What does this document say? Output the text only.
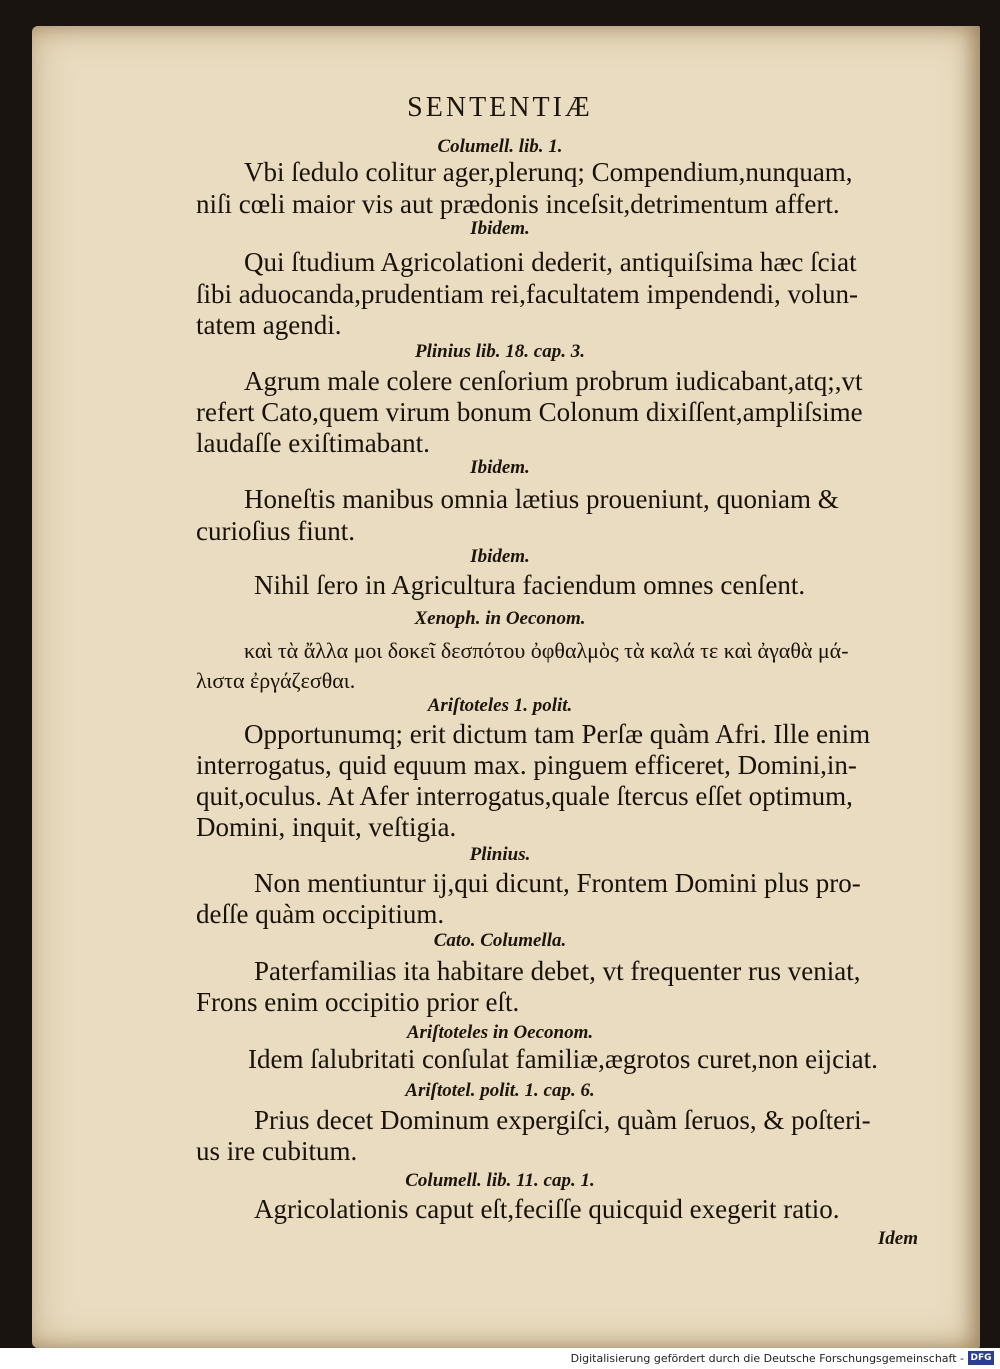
SENTENTIÆ
Columell. lib. 1.
Vbi ſedulo colitur ager,plerunq; Compendium,nunquam,
niſi cœli maior vis aut prædonis inceſsit,detrimentum affert.
Ibidem.
Qui ſtudium Agricolationi dederit, antiquiſsima hæc ſciat
ſibi aduocanda,prudentiam rei,facultatem impendendi, volun-
tatem agendi.
Plinius lib. 18. cap. 3.
Agrum male colere cenſorium probrum iudicabant,atq;,vt
refert Cato,quem virum bonum Colonum dixiſſent,ampliſsime
laudaſſe exiſtimabant.
Ibidem.
Honeſtis manibus omnia lætius proueniunt, quoniam &
curioſius fiunt.
Ibidem.
Nihil ſero in Agricultura faciendum omnes cenſent.
Xenoph. in Oeconom.
καὶ τὰ ἄλλα μοι δοκεῖ δεσπότου ὀφθαλμὸς τὰ καλά τε καὶ ἀγαθὰ μά-
λιστα ἐργάζεσθαι.
Ariſtoteles 1. polit.
Opportunumq; erit dictum tam Perſæ quàm Afri. Ille enim
interrogatus, quid equum max. pinguem efficeret, Domini,in-
quit,oculus. At Afer interrogatus,quale ſtercus eſſet optimum,
Domini, inquit, veſtigia.
Plinius.
Non mentiuntur ij,qui dicunt, Frontem Domini plus pro-
deſſe quàm occipitium.
Cato. Columella.
Paterfamilias ita habitare debet, vt frequenter rus veniat,
Frons enim occipitio prior eſt.
Ariſtoteles in Oeconom.
Idem ſalubritati conſulat familiæ,ægrotos curet,non eijciat.
Ariſtotel. polit. 1. cap. 6.
Prius decet Dominum expergiſci, quàm ſeruos, & poſteri-
us ire cubitum.
Columell. lib. 11. cap. 1.
Agricolationis caput eſt,feciſſe quicquid exegerit ratio.
Idem
Digitalisierung gefördert durch die Deutsche Forschungsgemeinschaft - DFG
